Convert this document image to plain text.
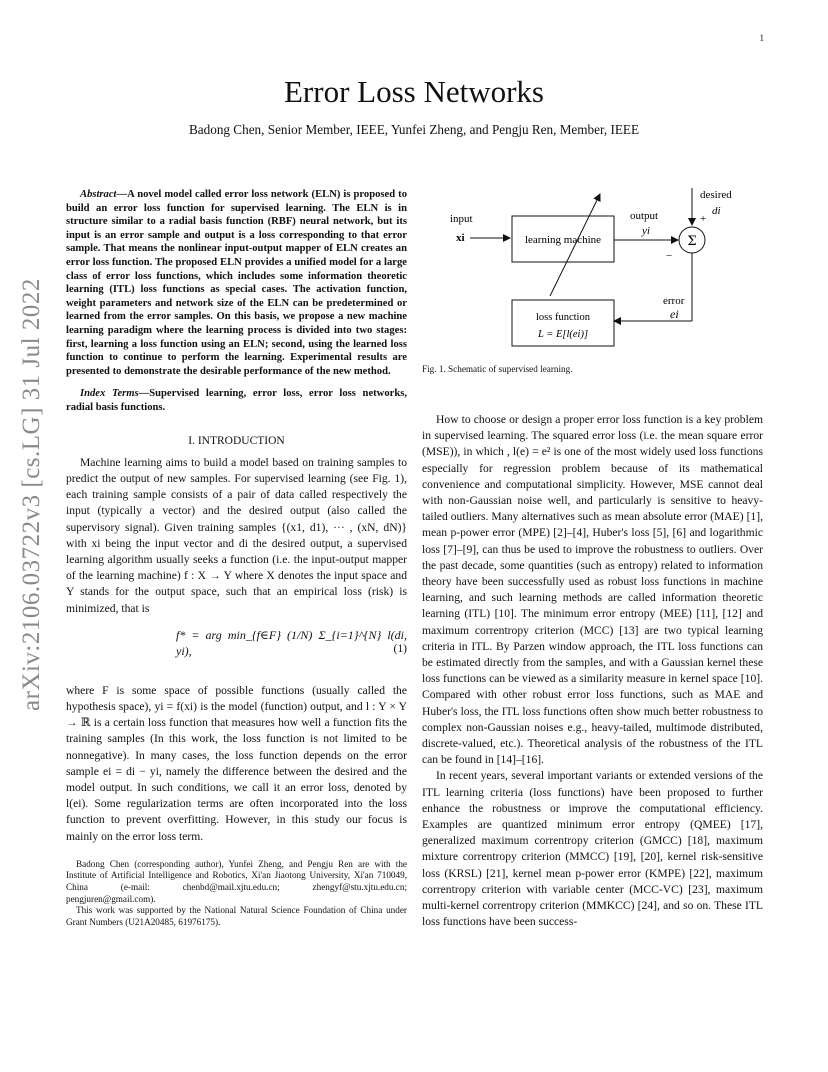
1
arXiv:2106.03722v3 [cs.LG] 31 Jul 2022
Error Loss Networks
Badong Chen, Senior Member, IEEE, Yunfei Zheng, and Pengju Ren, Member, IEEE

Abstract—A novel model called error loss network (ELN) is proposed to build an error loss function for supervised learning. The ELN is in structure similar to a radial basis function (RBF) neural network, but its input is an error sample and output is a loss corresponding to that error sample. That means the nonlinear input-output mapper of ELN creates an error loss function. The proposed ELN provides a unified model for a large class of error loss functions, which includes some information theoretic learning (ITL) loss functions as special cases. The activation function, weight parameters and network size of the ELN can be predetermined or learned from the error samples. On this basis, we propose a new machine learning paradigm where the learning process is divided into two stages: first, learning a loss function using an ELN; second, using the learned loss function to continue to perform the learning. Experimental results are presented to demonstrate the desirable performance of the new method.

Index Terms—Supervised learning, error loss, error loss networks, radial basis functions.

I. INTRODUCTION

Machine learning aims to build a model based on training samples to predict the output of new samples. For supervised learning (see Fig. 1), each training sample consists of a pair of data called respectively the input (typically a vector) and the desired output (also called the supervisory signal). Given training samples {(x1, d1), ··· , (xN, dN)} with xi being the input vector and di the desired output, a supervised learning algorithm usually seeks a function (i.e. the input-output mapper of the learning machine) f : X → Y where X denotes the input space and Y stands for the output space, such that an empirical loss (risk) is minimized, that is

f* = arg min_{f∈F} (1/N) Σ_{i=1}^{N} l(di, yi),	(1)

where F is some space of possible functions (usually called the hypothesis space), yi = f(xi) is the model (function) output, and l : Y × Y → ℝ is a certain loss function that measures how well a function fits the training samples (In this work, the loss function is not limited to be nonnegative). In many cases, the loss function depends on the error sample ei = di − yi, namely the difference between the desired and the model output. In such conditions, we call it an error loss, denoted by l(ei). Some regularization terms are often incorporated into the loss function to prevent overfitting. However, in this study our focus is mainly on the error loss term.

Badong Chen (corresponding author), Yunfei Zheng, and Pengju Ren are with the Institute of Artificial Intelligence and Robotics, Xi'an Jiaotong University, Xi'an 710049, China (e-mail: chenbd@mail.xjtu.edu.cn; zhengyf@stu.xjtu.edu.cn; pengjuren@gmail.com).

This work was supported by the National Natural Science Foundation of China under Grant Numbers (U21A20485, 61976175).

input
xi	learning machine
output
yi
Σ
desired
di
+
−
error
ei
loss function
L = E[l(ei)]
Fig. 1. Schematic of supervised learning.

How to choose or design a proper error loss function is a key problem in supervised learning. The squared error loss (i.e. the mean square error (MSE)), in which , l(e) = e² is one of the most widely used loss functions especially for regression problem because of its mathematical convenience and computational simplicity. However, MSE cannot deal with non-Gaussian noise well, and particularly is sensitive to heavy-tailed outliers. Many alternatives such as mean absolute error (MAE) [1], mean p-power error (MPE) [2]–[4], Huber's loss [5], [6] and logarithmic loss [7]–[9], can thus be used to improve the robustness to outliers. Over the past decade, some quantities (such as entropy) related to information theory have been successfully used as robust loss functions in machine learning, and such learning methods are called information theoretic learning (ITL) [10]. The minimum error entropy (MEE) [11], [12] and maximum correntropy criterion (MCC) [13] are two typical learning criteria in ITL. By Parzen window approach, the ITL loss functions can be estimated directly from the samples, and with a Gaussian kernel these loss functions can be viewed as a similarity measure in kernel space [10]. Compared with other robust error loss functions, such as MAE and Huber's loss, the ITL loss functions often show much better robustness to complex non-Gaussian noises e.g., heavy-tailed, multimode distributed, discrete-valued, etc.). Theoretical analysis of the robustness of the ITL can be found in [14]–[16].

In recent years, several important variants or extended versions of the ITL learning criteria (loss functions) have been proposed to further enhance the robustness or improve the computational efficiency. Examples are quantized minimum error entropy (QMEE) [17], generalized maximum correntropy criterion (GMCC) [18], maximum mixture correntropy criterion (MMCC) [19], [20], kernel risk-sensitive loss (KRSL) [21], kernel mean p-power error (KMPE) [22], maximum correntropy criterion with variable center (MCC-VC) [23], maximum multi-kernel correntropy criterion (MMKCC) [24], and so on. These ITL loss functions have been success-
